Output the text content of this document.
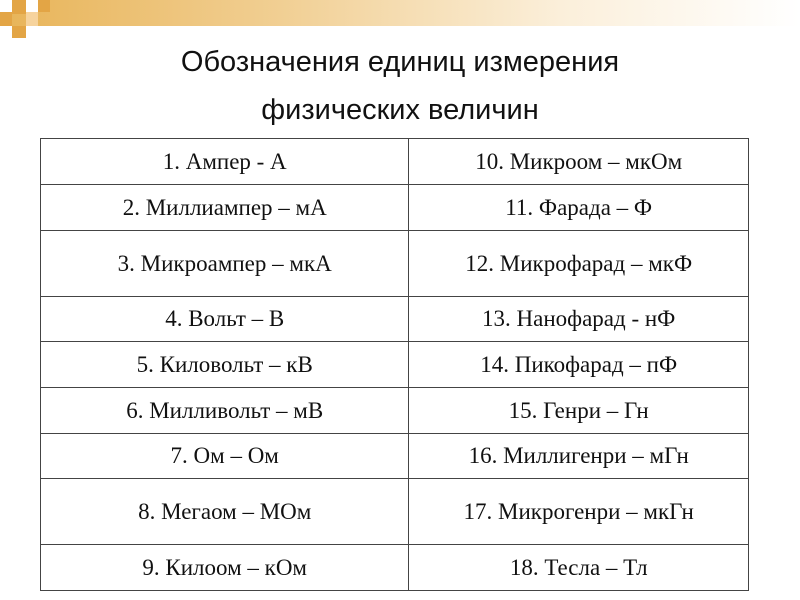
Обозначения единиц измерения
физических величин
1. Ампер - А	10. Микроом – мкОм
2. Миллиампер – мА	11. Фарада – Ф
3. Микроампер – мкА	12. Микрофарад – мкФ
4. Вольт – В	13. Нанофарад - нФ
5. Киловольт – кВ	14. Пикофарад – пФ
6. Милливольт – мВ	15. Генри – Гн
7. Ом – Ом	16. Миллигенри – мГн
8. Мегаом – МОм	17. Микрогенри – мкГн
9. Килоом – кОм	18. Тесла – Тл
